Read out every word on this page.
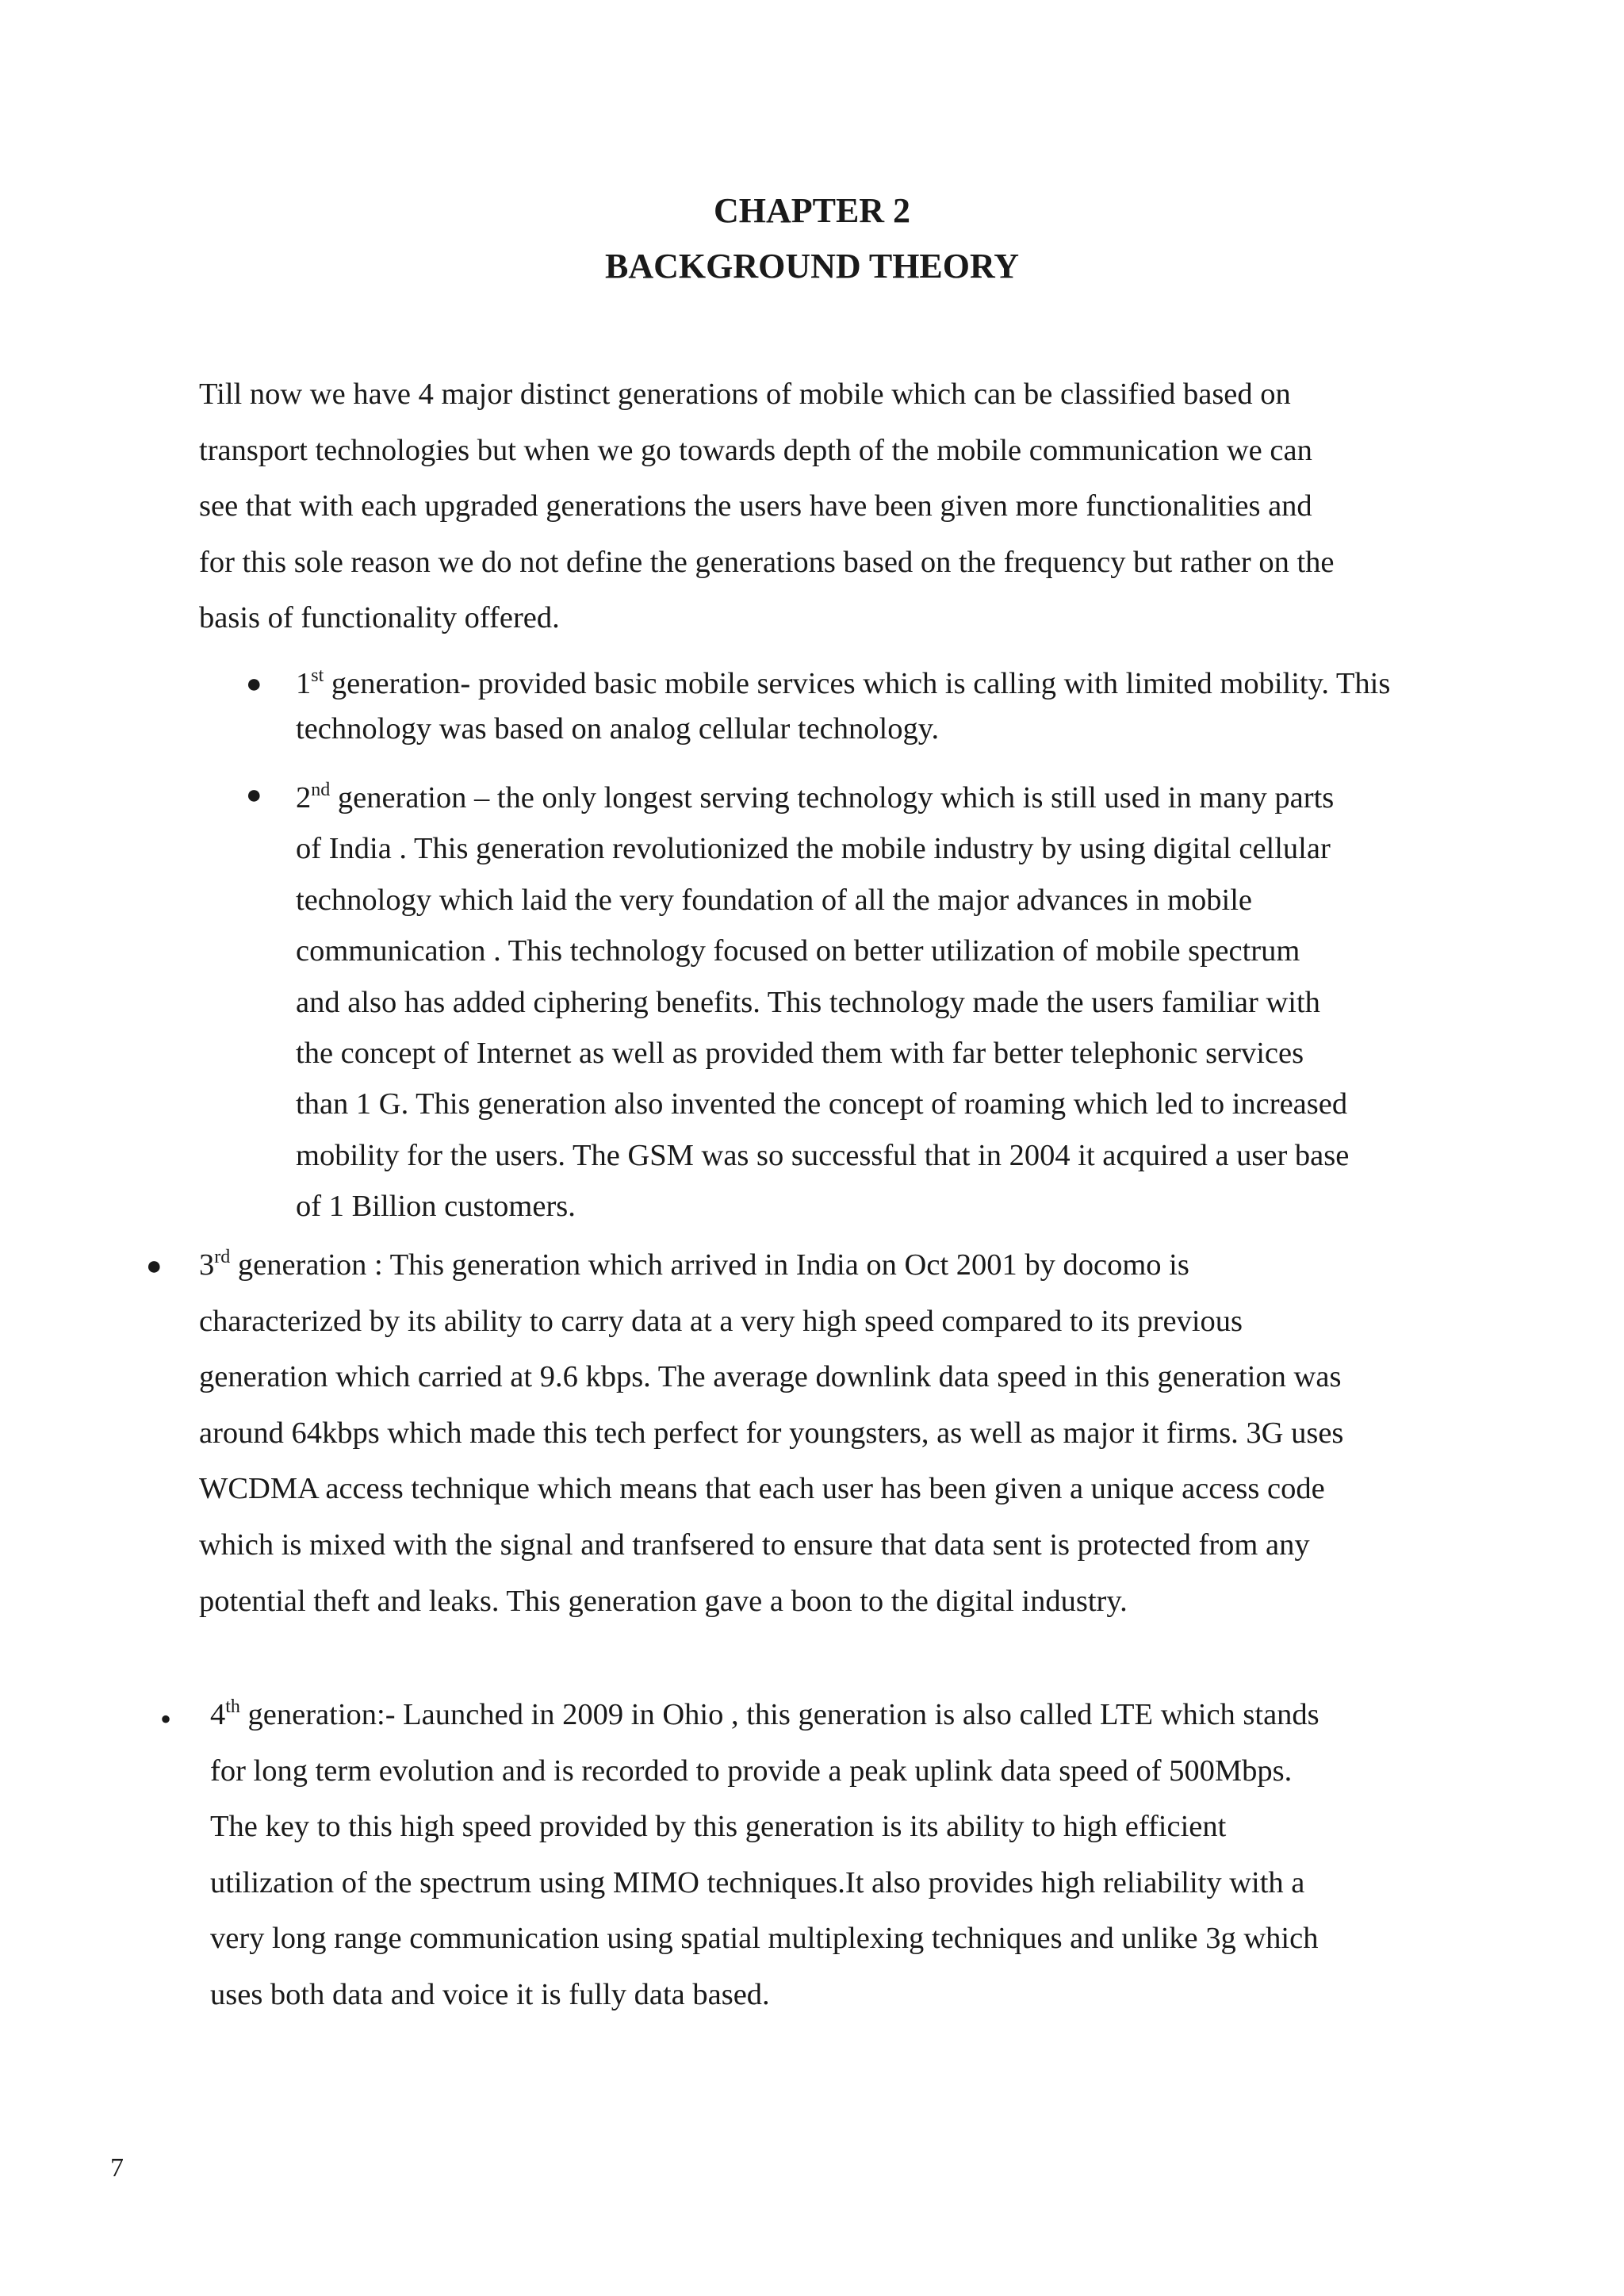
CHAPTER 2
BACKGROUND THEORY

Till now we have 4 major distinct generations of mobile which can be classified based on
transport technologies but when we go towards depth of the mobile communication we can
see that with each upgraded generations the users have been given more functionalities and
for this sole reason we do not define the generations based on the frequency but rather on the
basis of functionality offered.

● 1st generation- provided basic mobile services which is calling with limited mobility. This
technology was based on analog cellular technology.

● 2nd generation – the only longest serving technology which is still used in many parts
of India . This generation revolutionized the mobile industry by using digital cellular
technology which laid the very foundation of all the major advances in mobile
communication . This technology focused on better utilization of mobile spectrum
and also has added ciphering benefits. This technology made the users familiar with
the concept of Internet as well as provided them with far better telephonic services
than 1 G. This generation also invented the concept of roaming which led to increased
mobility for the users. The GSM was so successful that in 2004 it acquired a user base
of 1 Billion customers.

● 3rd generation : This generation which arrived in India on Oct 2001 by docomo is
characterized by its ability to carry data at a very high speed compared to its previous
generation which carried at 9.6 kbps. The average downlink data speed in this generation was
around 64kbps which made this tech perfect for youngsters, as well as major it firms. 3G uses
WCDMA access technique which means that each user has been given a unique access code
which is mixed with the signal and tranfsered to ensure that data sent is protected from any
potential theft and leaks. This generation gave a boon to the digital industry.

• 4th generation:- Launched in 2009 in Ohio , this generation is also called LTE which stands
for long term evolution and is recorded to provide a peak uplink data speed of 500Mbps.
The key to this high speed provided by this generation is its ability to high efficient
utilization of the spectrum using MIMO techniques.It also provides high reliability with a
very long range communication using spatial multiplexing techniques and unlike 3g which
uses both data and voice it is fully data based.

7
